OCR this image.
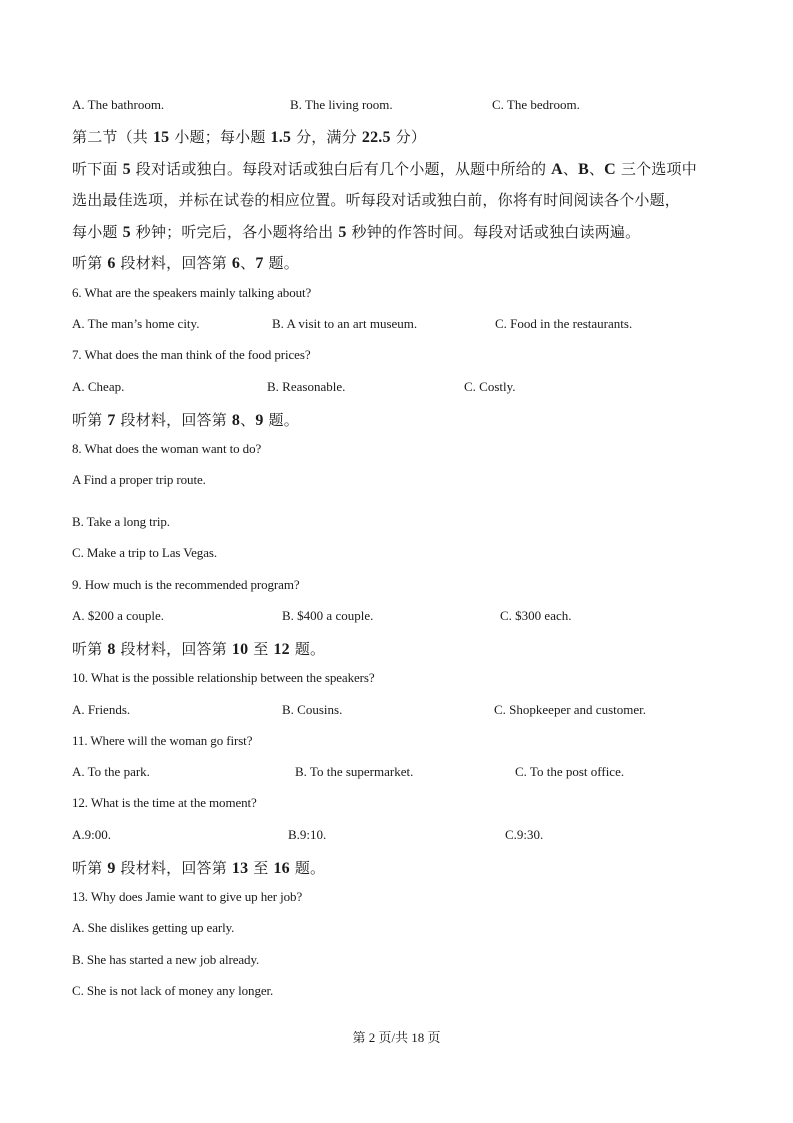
A. The bathroom.	B. The living room.	C. The bedroom.
第二节（共 15 小题；每小题 1.5 分，满分 22.5 分）
听下面 5 段对话或独白。每段对话或独白后有几个小题，从题中所给的 A、B、C 三个选项中
选出最佳选项，并标在试卷的相应位置。听每段对话或独白前，你将有时间阅读各个小题，
每小题 5 秒钟；听完后，各小题将给出 5 秒钟的作答时间。每段对话或独白读两遍。
听第 6 段材料，回答第 6、7 题。
6. What are the speakers mainly talking about?
A. The man’s home city.	B. A visit to an art museum.	C. Food in the restaurants.
7. What does the man think of the food prices?
A. Cheap.	B. Reasonable.	C. Costly.
听第 7 段材料，回答第 8、9 题。
8. What does the woman want to do?
A Find a proper trip route.
B. Take a long trip.
C. Make a trip to Las Vegas.
9. How much is the recommended program?
A. $200 a couple.	B. $400 a couple.	C. $300 each.
听第 8 段材料，回答第 10 至 12 题。
10. What is the possible relationship between the speakers?
A. Friends.	B. Cousins.	C. Shopkeeper and customer.
11. Where will the woman go first?
A. To the park.	B. To the supermarket.	C. To the post office.
12. What is the time at the moment?
A.9:00.	B.9:10.	C.9:30.
听第 9 段材料，回答第 13 至 16 题。
13. Why does Jamie want to give up her job?
A. She dislikes getting up early.
B. She has started a new job already.
C. She is not lack of money any longer.
第 2 页/共 18 页
